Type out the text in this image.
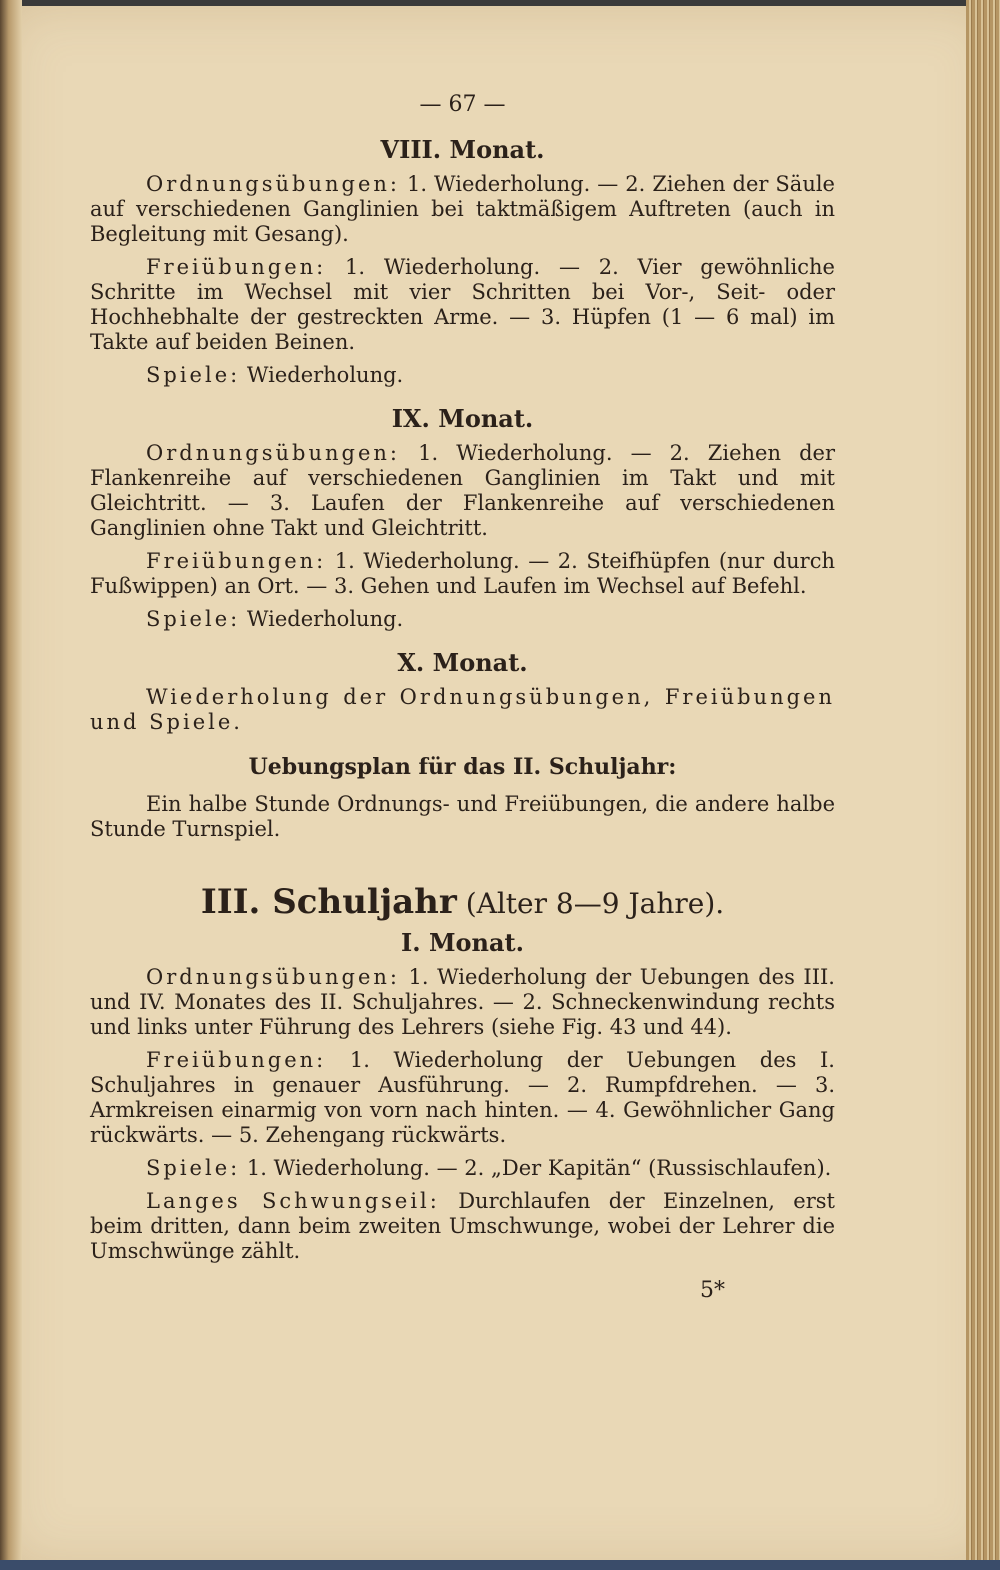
— 67 —
VIII. Monat.

Ordnungsübungen: 1. Wiederholung. — 2. Ziehen der Säule auf verschiedenen Ganglinien bei taktmäßigem Auftreten (auch in Begleitung mit Gesang).

Freiübungen: 1. Wiederholung. — 2. Vier gewöhnliche Schritte im Wechsel mit vier Schritten bei Vor-, Seit- oder Hochhebhalte der gestreckten Arme. — 3. Hüpfen (1 — 6 mal) im Takte auf beiden Beinen.

Spiele: Wiederholung.

IX. Monat.

Ordnungsübungen: 1. Wiederholung. — 2. Ziehen der Flankenreihe auf verschiedenen Ganglinien im Takt und mit Gleichtritt. — 3. Laufen der Flankenreihe auf verschiedenen Ganglinien ohne Takt und Gleichtritt.

Freiübungen: 1. Wiederholung. — 2. Steifhüpfen (nur durch Fußwippen) an Ort. — 3. Gehen und Laufen im Wechsel auf Befehl.

Spiele: Wiederholung.

X. Monat.

Wiederholung der Ordnungsübungen, Freiübungen und Spiele.

Uebungsplan für das II. Schuljahr:

Ein halbe Stunde Ordnungs- und Freiübungen, die andere halbe Stunde Turnspiel.

III. Schuljahr (Alter 8—9 Jahre).
I. Monat.

Ordnungsübungen: 1. Wiederholung der Uebungen des III. und IV. Monates des II. Schuljahres. — 2. Schneckenwindung rechts und links unter Führung des Lehrers (siehe Fig. 43 und 44).

Freiübungen: 1. Wiederholung der Uebungen des I. Schuljahres in genauer Ausführung. — 2. Rumpfdrehen. — 3. Armkreisen einarmig von vorn nach hinten. — 4. Gewöhnlicher Gang rückwärts. — 5. Zehengang rückwärts.

Spiele: 1. Wiederholung. — 2. „Der Kapitän“ (Russischlaufen).

Langes Schwungseil: Durchlaufen der Einzelnen, erst beim dritten, dann beim zweiten Umschwunge, wobei der Lehrer die Umschwünge zählt.

5*
